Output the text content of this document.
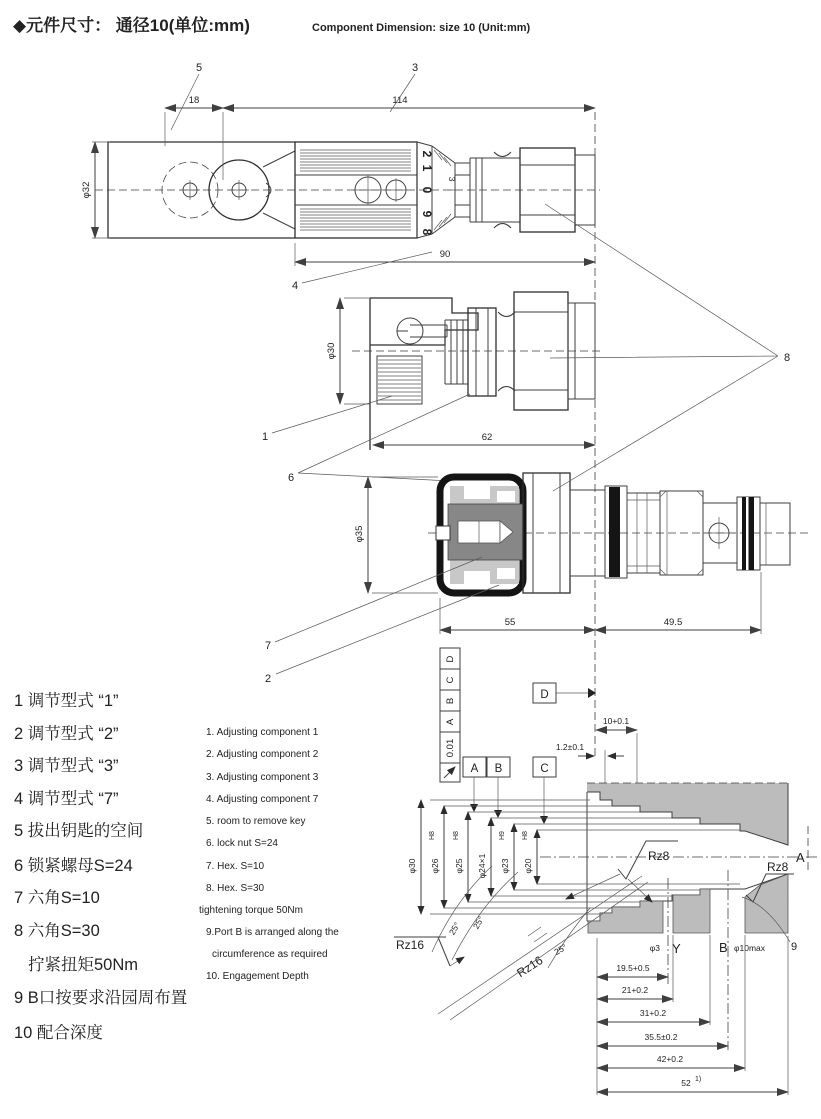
◆元件尺寸： 通径10(单位:mm)	Component Dimension: size 10 (Unit:mm)
2
1
0
9
8
3
18	114
φ32
90
5	3
4
φ30
62
1
6
φ35
55	49.5
7
2
8
D
C
B
A
0.01
D
A B	C
10+0.1
1.2±0.1
A
φ30 φ26
H8
φ25
H8
φ24×1 φ23
H9
φ20
H8
Rz8
Rz8
Rz16
Rz16
25° 25°
25°	φ3 Y	B φ10max 9
19.5+0.5
21+0.2
31+0.2
35.5±0.2
42+0.2
52 1)
1 调节型式 “1”
2 调节型式 “2”
3 调节型式 “3”
4 调节型式 “7”
5 拔出钥匙的空间
6 锁紧螺母S=24
7 六角S=10
8 六角S=30
拧紧扭矩50Nm
9 B口按要求沿园周布置
10 配合深度
1. Adjusting component 1
2. Adjusting component 2
3. Adjusting component 3
4. Adjusting component 7
5. room to remove key
6. lock nut S=24
7. Hex. S=10
8. Hex. S=30
tightening torque 50Nm
9.Port B is arranged along the
circumference as required
10. Engagement Depth
